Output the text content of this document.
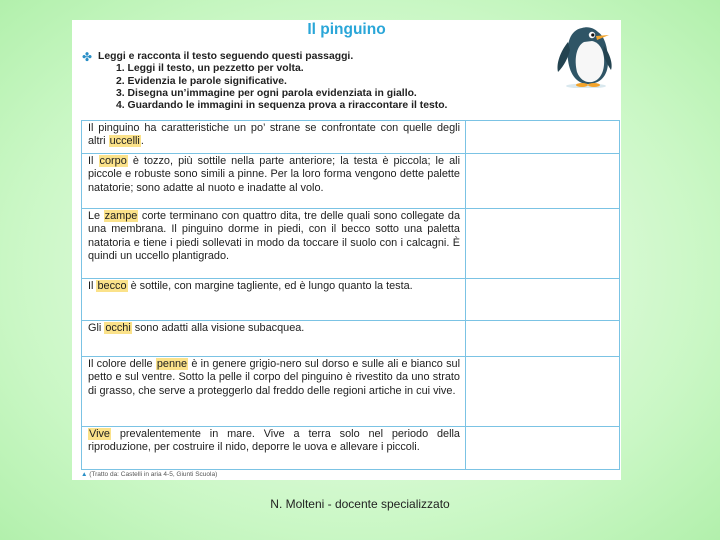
Il pinguino
✤ Leggi e racconta il testo seguendo questi passaggi.
1. Leggi il testo, un pezzetto per volta.
2. Evidenzia le parole significative.
3. Disegna un’immagine per ogni parola evidenziata in giallo.
4. Guardando le immagini in sequenza prova a riraccontare il testo.
Il pinguino ha caratteristiche un po’ strane se confrontate con quelle degli altri uccelli.	
Il corpo è tozzo, più sottile nella parte anteriore; la testa è piccola; le ali piccole e robuste sono simili a pinne. Per la loro forma vengono dette palette natatorie; sono adatte al nuoto e inadatte al volo.	
Le zampe corte terminano con quattro dita, tre delle quali sono collegate da una membrana. Il pinguino dorme in piedi, con il becco sotto una paletta natatoria e tiene i piedi sollevati in modo da toccare il suolo con i calcagni. È quindi un uccello plantigrado.	
Il becco è sottile, con margine tagliente, ed è lungo quanto la testa.	
Gli occhi sono adatti alla visione subacquea.	
Il colore delle penne è in genere grigio-nero sul dorso e sulle ali e bianco sul petto e sul ventre. Sotto la pelle il corpo del pinguino è rivestito da uno strato di grasso, che serve a proteggerlo dal freddo delle regioni artiche in cui vive.	
Vive prevalentemente in mare. Vive a terra solo nel periodo della riproduzione, per costruire il nido, deporre le uova e allevare i piccoli.	
▲ (Tratto da: Castelli in aria 4-5, Giunti Scuola)
N. Molteni - docente specializzato
